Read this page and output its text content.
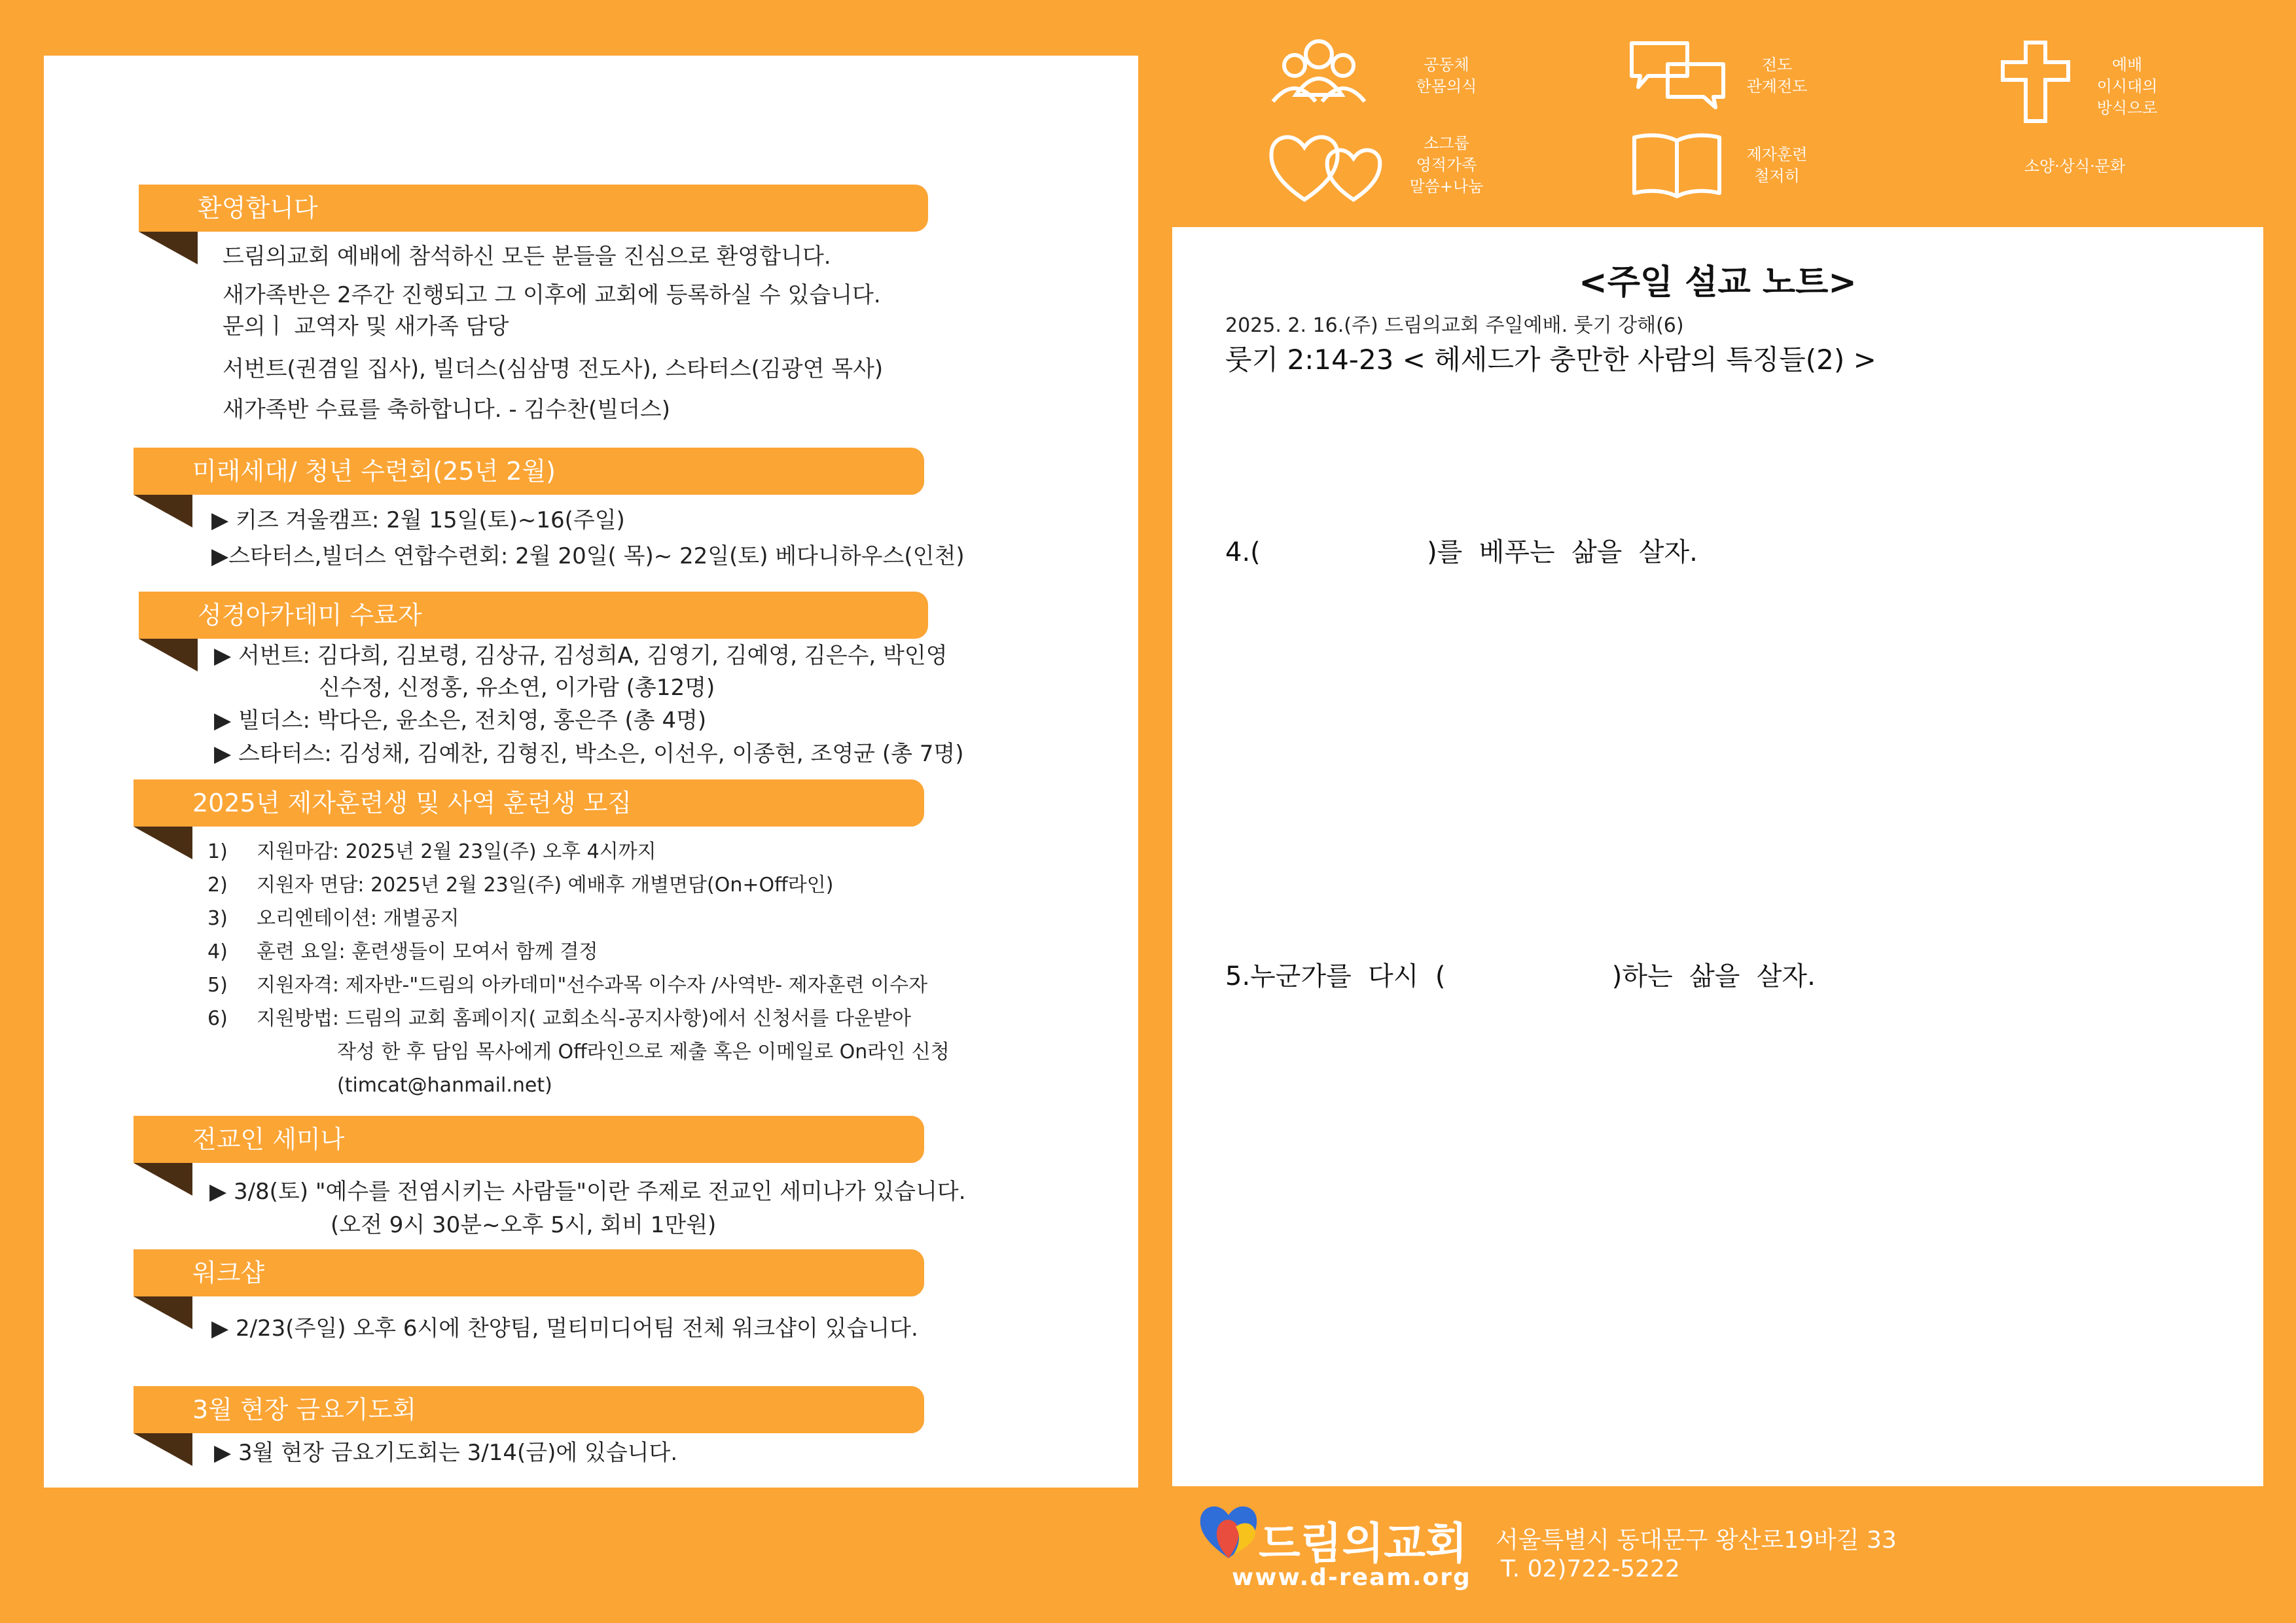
공동체
한몸의식
전도
관계전도
예배
이시대의
방식으로
소그룹
영적가족
말씀+나눔
제자훈련
철저히
소양·상식·문화
환영합니다
드림의교회 예배에 참석하신 모든 분들을 진심으로 환영합니다.
새가족반은 2주간 진행되고 그 이후에 교회에 등록하실 수 있습니다.
문의ㅣ 교역자 및 새가족 담당
서번트(권겸일 집사), 빌더스(심삼명 전도사), 스타터스(김광연 목사)
새가족반 수료를 축하합니다. - 김수찬(빌더스)
미래세대/ 청년 수련회(25년 2월)
▶ 키즈 겨울캠프: 2월 15일(토)~16(주일)
▶스타터스,빌더스 연합수련회: 2월 20일( 목)~ 22일(토) 베다니하우스(인천)
성경아카데미 수료자
▶ 서번트: 김다희, 김보령, 김상규, 김성희A, 김영기, 김예영, 김은수, 박인영
신수정, 신정홍, 유소연, 이가람 (총12명)
▶ 빌더스: 박다은, 윤소은, 전치영, 홍은주 (총 4명)
▶ 스타터스: 김성채, 김예찬, 김형진, 박소은, 이선우, 이종현, 조영균 (총 7명)
2025년 제자훈련생 및 사역 훈련생 모집
1) 지원마감: 2025년 2월 23일(주) 오후 4시까지
2) 지원자 면담: 2025년 2월 23일(주) 예배후 개별면담(On+Off라인)
3) 오리엔테이션: 개별공지
4) 훈련 요일: 훈련생들이 모여서 함께 결정
5) 지원자격: 제자반-"드림의 아카데미"선수과목 이수자 /사역반- 제자훈련 이수자
6) 지원방법: 드림의 교회 홈페이지( 교회소식-공지사항)에서 신청서를 다운받아
작성 한 후 담임 목사에게 Off라인으로 제출 혹은 이메일로 On라인 신청
(timcat@hanmail.net)
전교인 세미나
▶ 3/8(토) "예수를 전염시키는 사람들"이란 주제로 전교인 세미나가 있습니다.
(오전 9시 30분~오후 5시, 회비 1만원)
워크샵
▶ 2/23(주일) 오후 6시에 찬양팀, 멀티미디어팀 전체 워크샵이 있습니다.
3월 현장 금요기도회
▶ 3월 현장 금요기도회는 3/14(금)에 있습니다.
<주일 설교 노트>
2025. 2. 16.(주) 드림의교회 주일예배. 룻기 강해(6)
룻기 2:14-23 < 헤세드가 충만한 사람의 특징들(2) >
4.(                    )를  베푸는  삶을  살자.
5.누군가를  다시  (                    )하는  삶을  살자.
드림의교회
www.d-ream.org
서울특별시 동대문구 왕산로19바길 33
T. 02)722-5222
